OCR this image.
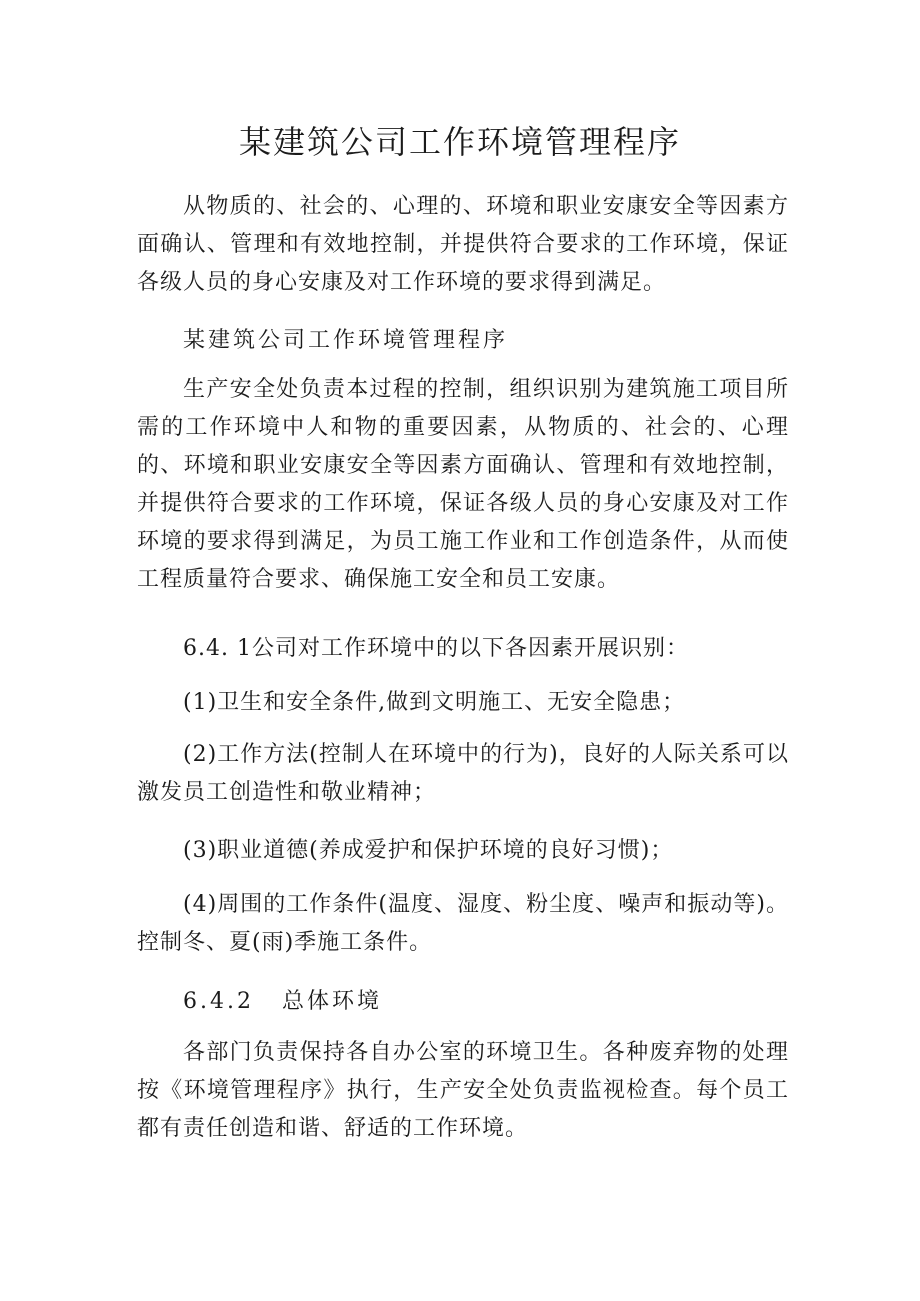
某建筑公司工作环境管理程序

从物质的、社会的、心理的、环境和职业安康安全等因素方面确认、管理和有效地控制，并提供符合要求的工作环境，保证各级人员的身心安康及对工作环境的要求得到满足。

某建筑公司工作环境管理程序

生产安全处负责本过程的控制，组织识别为建筑施工项目所需的工作环境中人和物的重要因素，从物质的、社会的、心理的、环境和职业安康安全等因素方面确认、管理和有效地控制，并提供符合要求的工作环境，保证各级人员的身心安康及对工作环境的要求得到满足，为员工施工作业和工作创造条件，从而使工程质量符合要求、确保施工安全和员工安康。

6.4. 1公司对工作环境中的以下各因素开展识别：

(1)卫生和安全条件,做到文明施工、无安全隐患；

(2)工作方法(控制人在环境中的行为)，良好的人际关系可以激发员工创造性和敬业精神；

(3)职业道德(养成爱护和保护环境的良好习惯)；

(4)周围的工作条件(温度、湿度、粉尘度、噪声和振动等)。控制冬、夏(雨)季施工条件。

6.4.2 总体环境

各部门负责保持各自办公室的环境卫生。各种废弃物的处理按《环境管理程序》执行，生产安全处负责监视检查。每个员工都有责任创造和谐、舒适的工作环境。
